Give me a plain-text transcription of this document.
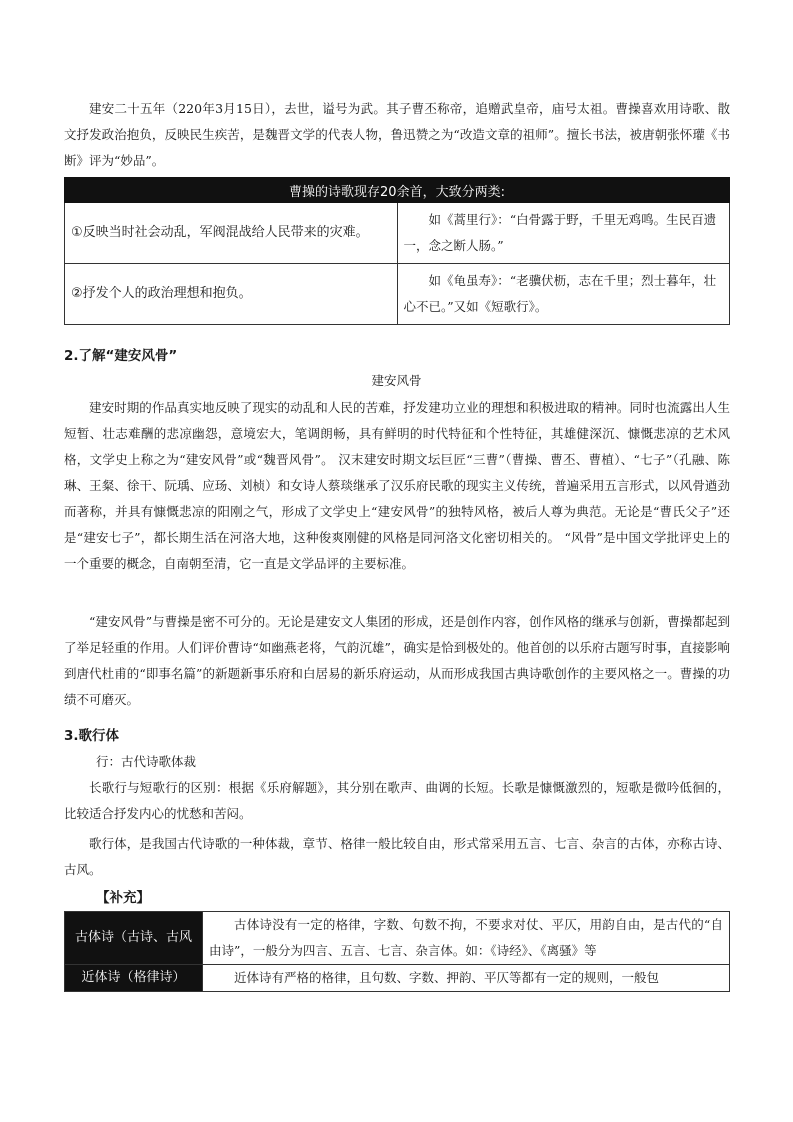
建安二十五年（220年3月15日），去世，谥号为武。其子曹丕称帝，追赠武皇帝，庙号太祖。曹操喜欢用诗歌、散文抒发政治抱负，反映民生疾苦，是魏晋文学的代表人物，鲁迅赞之为“改造文章的祖师”。擅长书法，被唐朝张怀瓘《书断》评为“妙品”。

曹操的诗歌现存20余首，大致分两类:	
①反映当时社会动乱，军阀混战给人民带来的灾难。	如《蒿里行》：“白骨露于野，千里无鸡鸣。生民百遗一，念之断人肠。”
②抒发个人的政治理想和抱负。	如《龟虽寿》：“老骥伏枥，志在千里；烈士暮年，壮心不已。”又如《短歌行》。

2.了解“建安风骨”

建安风骨

建安时期的作品真实地反映了现实的动乱和人民的苦难，抒发建功立业的理想和积极进取的精神。同时也流露出人生短暂、壮志难酬的悲凉幽怨，意境宏大，笔调朗畅，具有鲜明的时代特征和个性特征，其雄健深沉、慷慨悲凉的艺术风格，文学史上称之为“建安风骨”或“魏晋风骨”。 汉末建安时期文坛巨匠“三曹”（曹操、曹丕、曹植）、“七子”（孔融、陈琳、王粲、徐干、阮瑀、应玚、刘桢）和女诗人蔡琰继承了汉乐府民歌的现实主义传统，普遍采用五言形式，以风骨遒劲而著称，并具有慷慨悲凉的阳刚之气，形成了文学史上“建安风骨”的独特风格，被后人尊为典范。无论是“曹氏父子”还是“建安七子”，都长期生活在河洛大地，这种俊爽刚健的风格是同河洛文化密切相关的。 “风骨”是中国文学批评史上的一个重要的概念，自南朝至清，它一直是文学品评的主要标准。

“建安风骨”与曹操是密不可分的。无论是建安文人集团的形成，还是创作内容，创作风格的继承与创新，曹操都起到了举足轻重的作用。人们评价曹诗“如幽燕老将，气韵沉雄”，确实是恰到极处的。他首创的以乐府古题写时事，直接影响到唐代杜甫的“即事名篇”的新题新事乐府和白居易的新乐府运动，从而形成我国古典诗歌创作的主要风格之一。曹操的功绩不可磨灭。

3.歌行体

行：古代诗歌体裁

长歌行与短歌行的区别：根据《乐府解题》，其分别在歌声、曲调的长短。长歌是慷慨激烈的，短歌是微吟低徊的，比较适合抒发内心的忧愁和苦闷。

歌行体，是我国古代诗歌的一种体裁，章节、格律一般比较自由，形式常采用五言、七言、杂言的古体，亦称古诗、古风。

【补充】

古体诗（古诗、古风	古体诗没有一定的格律，字数、句数不拘，不要求对仗、平仄，用韵自由，是古代的“自由诗”，一般分为四言、五言、七言、杂言体。如：《诗经》、《离骚》等
近体诗（格律诗）	近体诗有严格的格律，且句数、字数、押韵、平仄等都有一定的规则，一般包
